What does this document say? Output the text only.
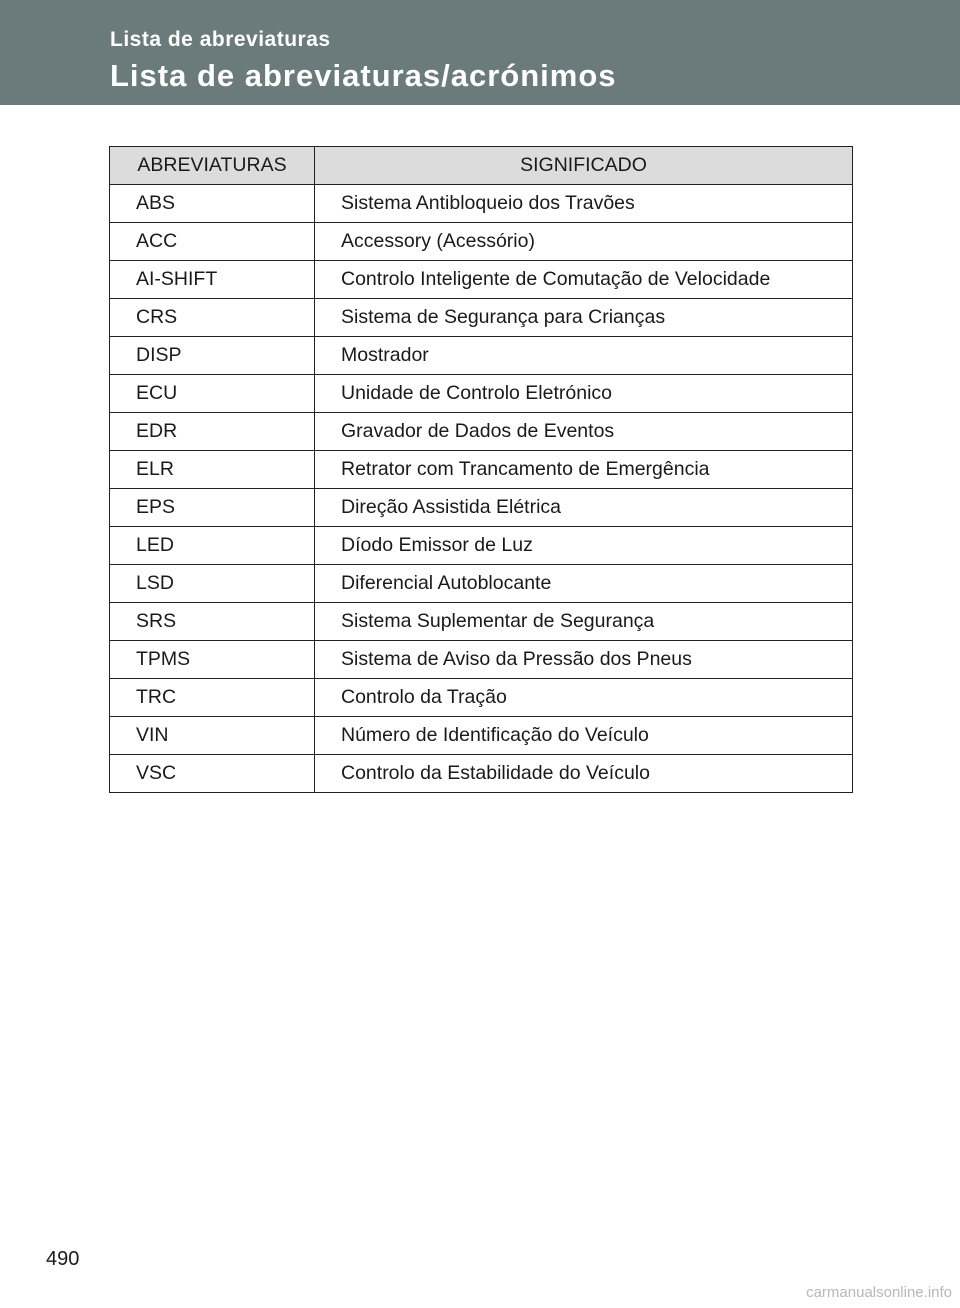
Lista de abreviaturas
Lista de abreviaturas/acrónimos
ABREVIATURAS	SIGNIFICADO
ABS	Sistema Antibloqueio dos Travões
ACC	Accessory (Acessório)
AI-SHIFT	Controlo Inteligente de Comutação de Velocidade
CRS	Sistema de Segurança para Crianças
DISP	Mostrador
ECU	Unidade de Controlo Eletrónico
EDR	Gravador de Dados de Eventos
ELR	Retrator com Trancamento de Emergência
EPS	Direção Assistida Elétrica
LED	Díodo Emissor de Luz
LSD	Diferencial Autoblocante
SRS	Sistema Suplementar de Segurança
TPMS	Sistema de Aviso da Pressão dos Pneus
TRC	Controlo da Tração
VIN	Número de Identificação do Veículo
VSC	Controlo da Estabilidade do Veículo
490
carmanualsonline.info
